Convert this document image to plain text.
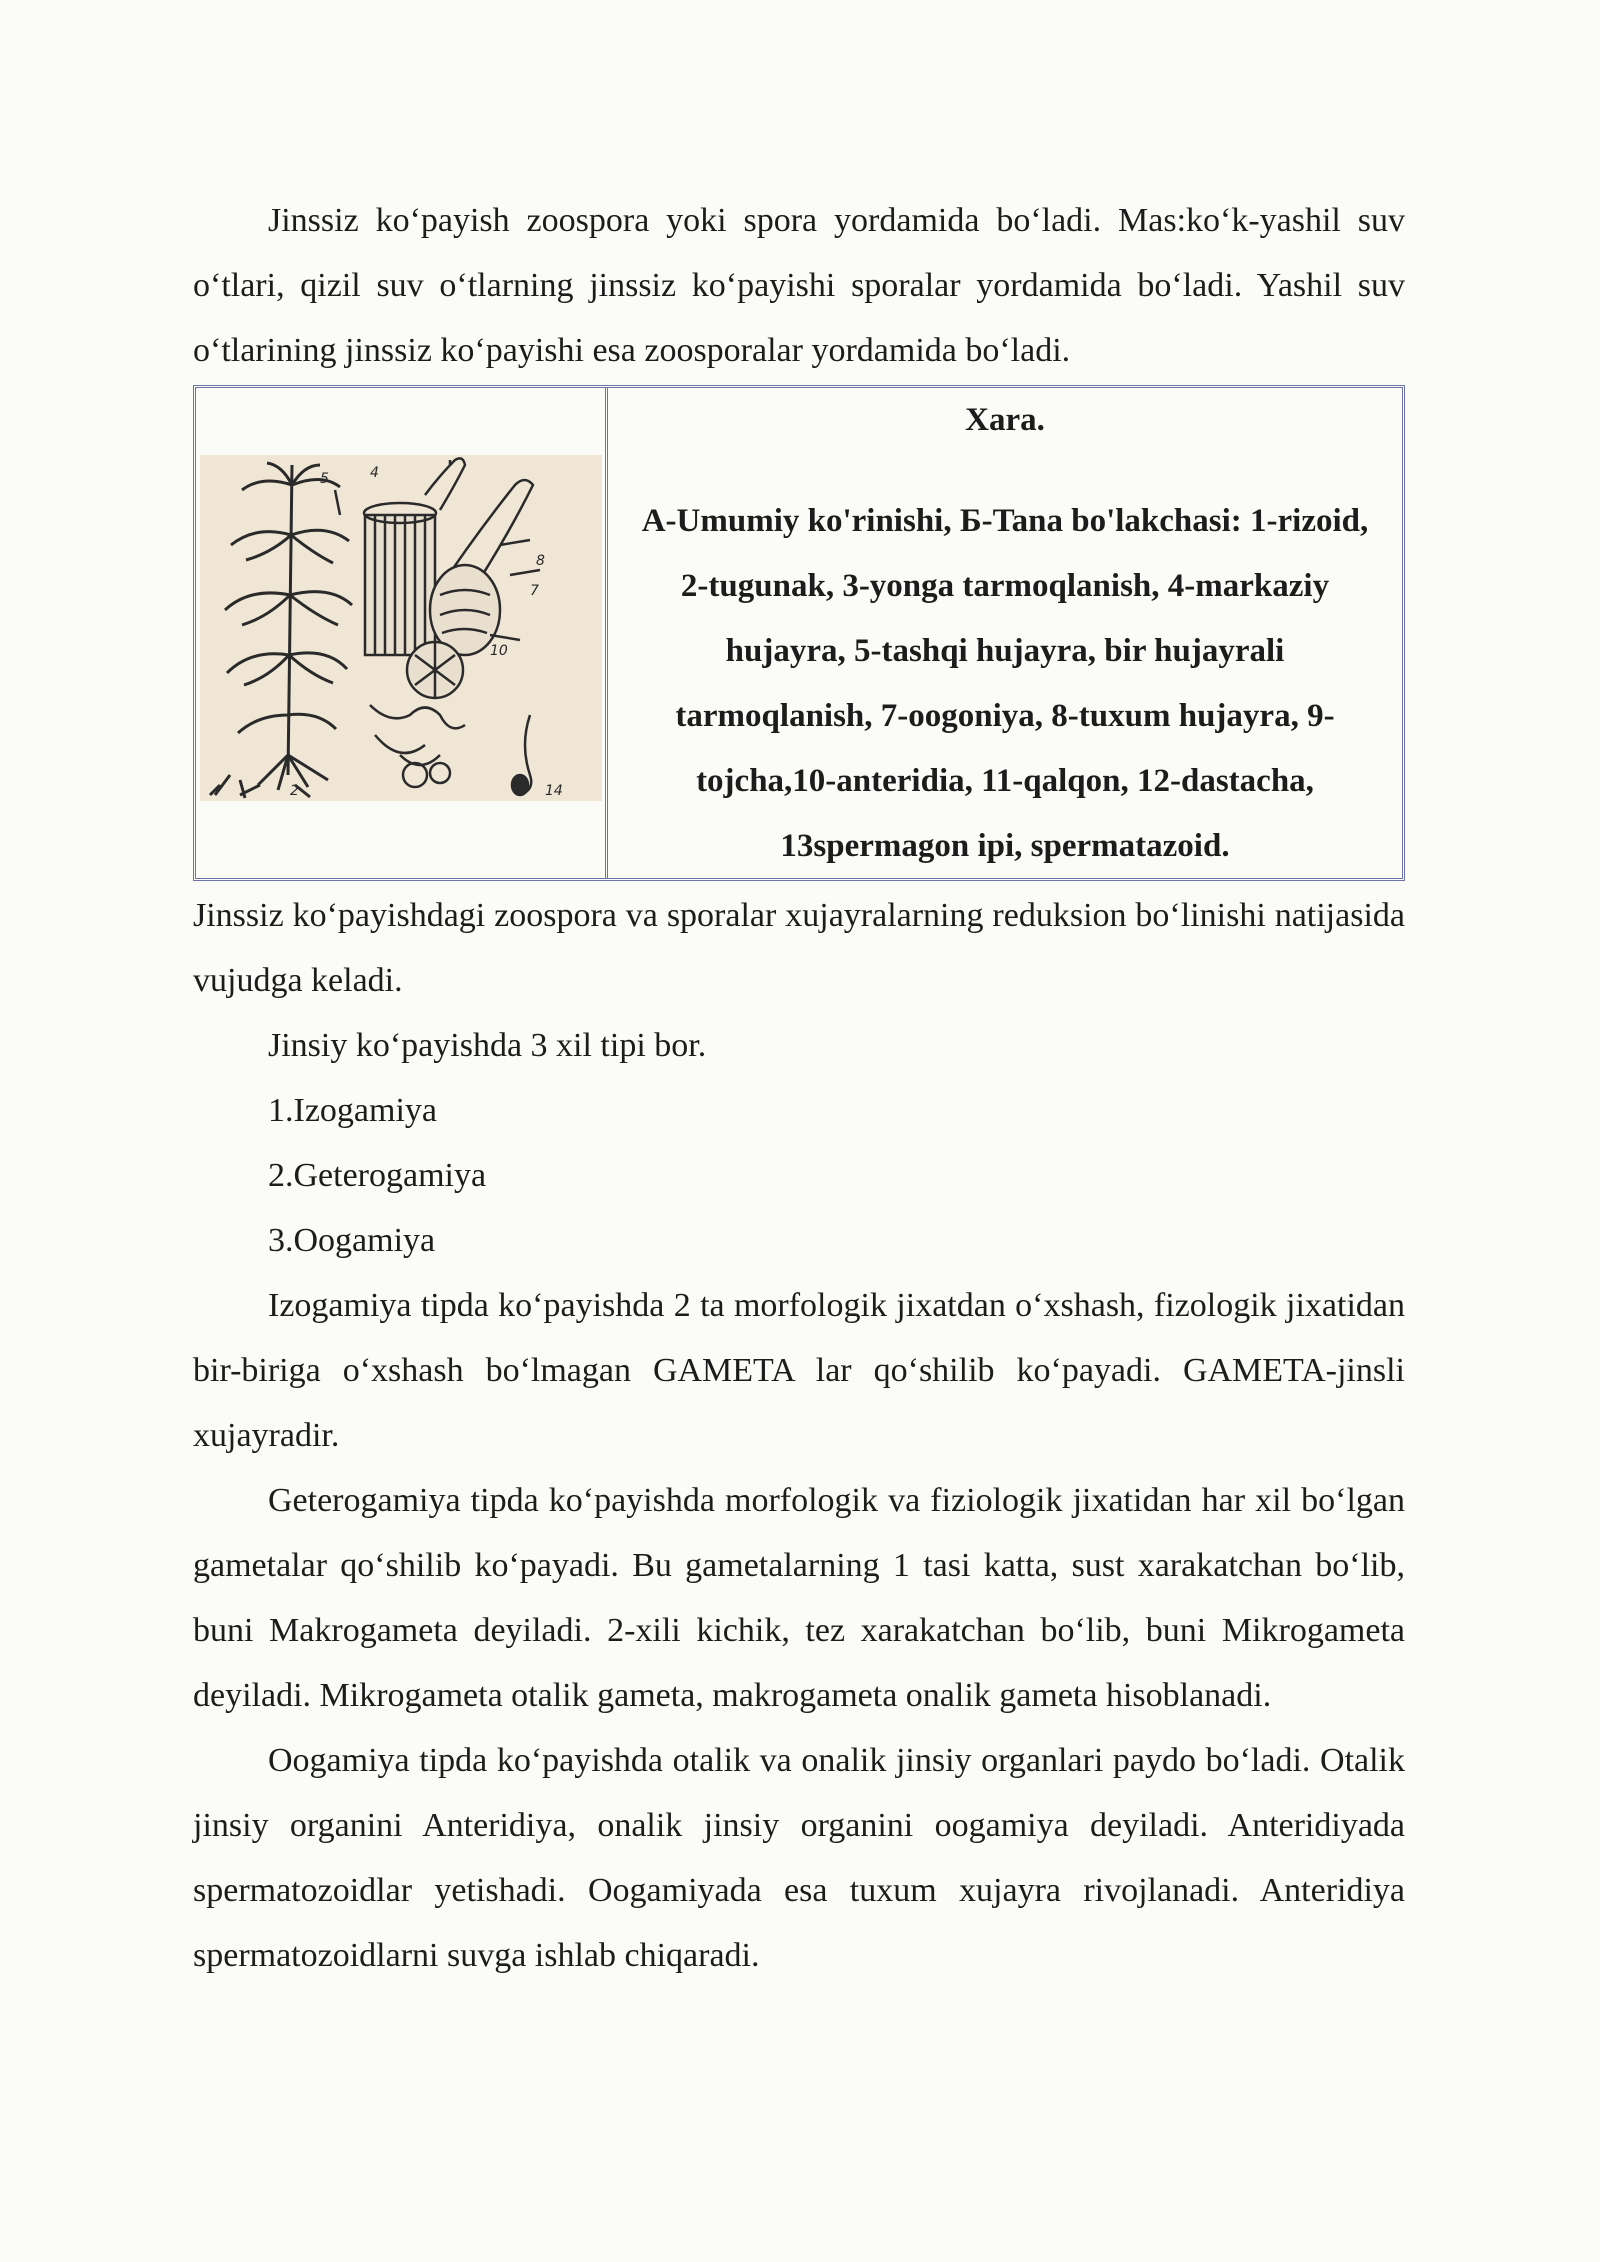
Jinssiz koʻpayish zoospora yoki spora yordamida boʻladi. Mas:koʻk-yashil suv oʻtlari, qizil suv oʻtlarning jinssiz koʻpayishi sporalar yordamida boʻladi. Yashil suv oʻtlarining jinssiz koʻpayishi esa zoosporalar yordamida boʻladi.

5	4
8
7
10
2	14
Xara.
A-Umumiy ko'rinishi, Б-Tana bo'lakchasi: 1-rizoid, 2-tugunak, 3-yonga tarmoqlanish, 4-markaziy hujayra, 5-tashqi hujayra, bir hujayrali tarmoqlanish, 7-oogoniya, 8-tuxum hujayra, 9-tojcha,10-anteridia, 11-qalqon, 12-dastacha, 13spermagon ipi, spermatazoid.

Jinssiz koʻpayishdagi zoospora va sporalar xujayralarning reduksion boʻlinishi natijasida vujudga keladi.

Jinsiy koʻpayishda 3 xil tipi bor.

1.Izogamiya

2.Geterogamiya

3.Oogamiya

Izogamiya tipda koʻpayishda 2 ta morfologik jixatdan oʻxshash, fizologik jixatidan bir-biriga oʻxshash boʻlmagan GAMETA lar qoʻshilib koʻpayadi. GAMETA-jinsli xujayradir.

Geterogamiya tipda koʻpayishda morfologik va fiziologik jixatidan har xil boʻlgan gametalar qoʻshilib koʻpayadi. Bu gametalarning 1 tasi katta, sust xarakatchan boʻlib, buni Makrogameta deyiladi. 2-xili kichik, tez xarakatchan boʻlib, buni Mikrogameta deyiladi. Mikrogameta otalik gameta, makrogameta onalik gameta hisoblanadi.

Oogamiya tipda koʻpayishda otalik va onalik jinsiy organlari paydo boʻladi. Otalik jinsiy organini Anteridiya, onalik jinsiy organini oogamiya deyiladi. Anteridiyada spermatozoidlar yetishadi. Oogamiyada esa tuxum xujayra rivojlanadi. Anteridiya spermatozoidlarni suvga ishlab chiqaradi.
